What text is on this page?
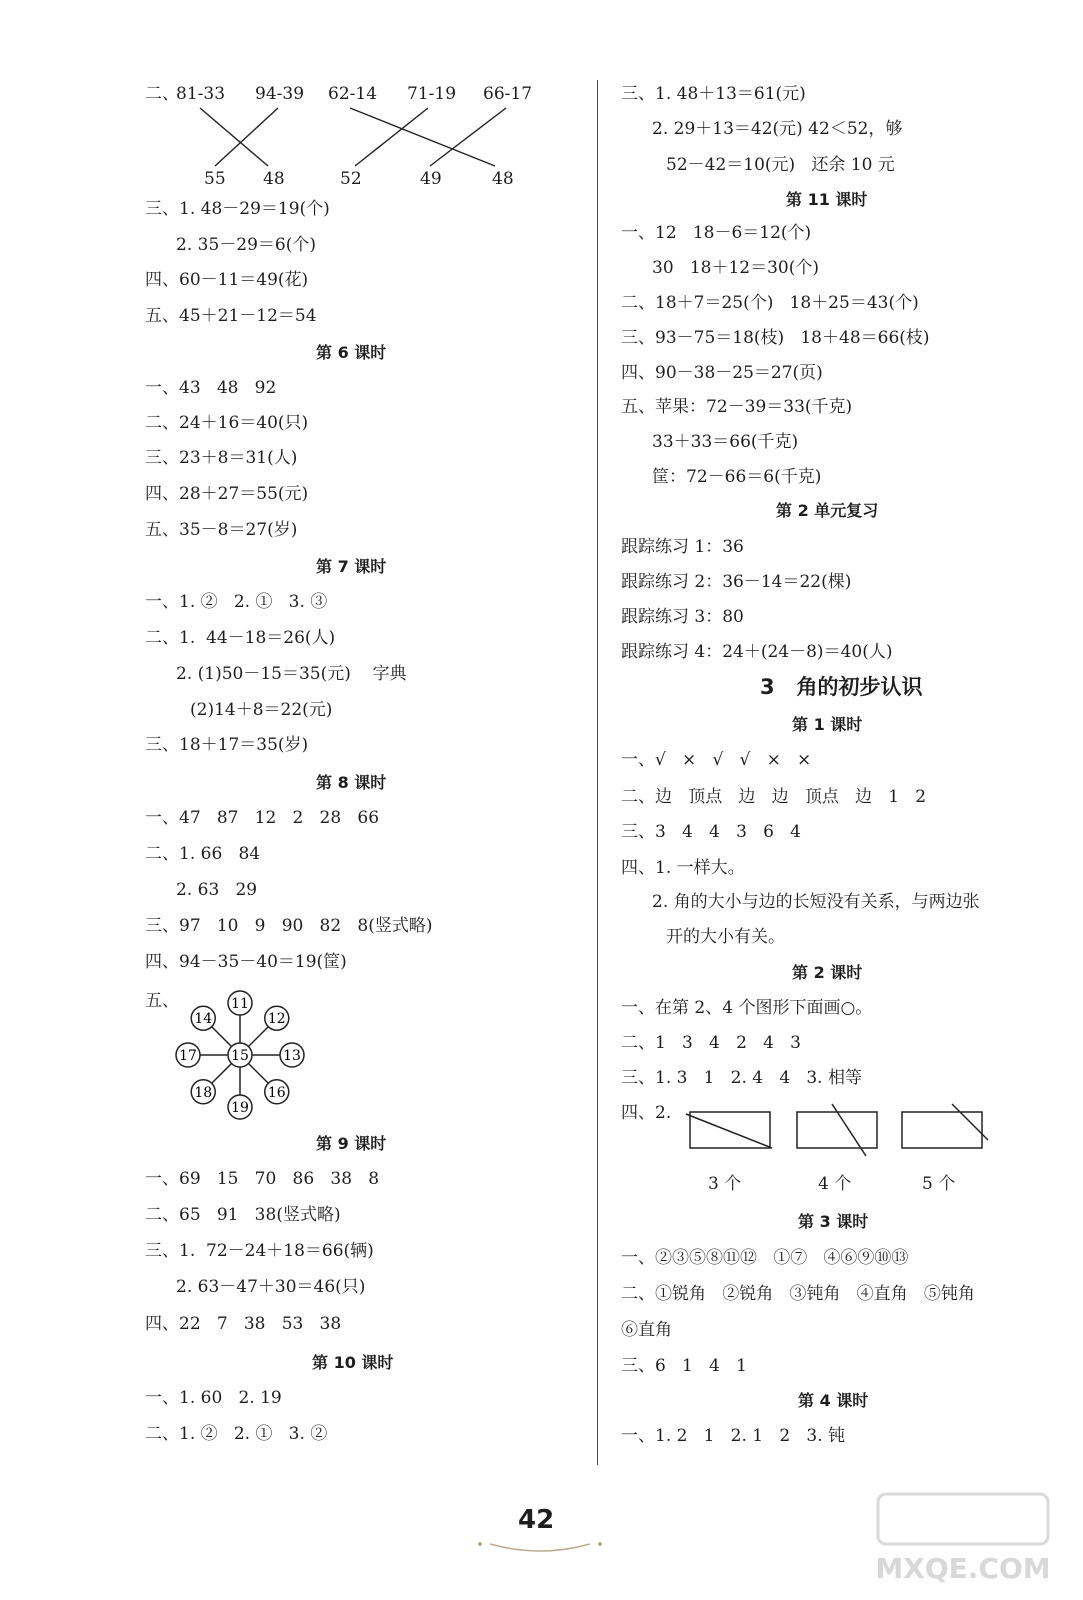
二、
81-33 94-39 62-14 71-19 66-17
55 48	52	49	48
三、1. 48－29＝19(个)
2. 35－29＝6(个)
四、60－11＝49(花)
五、45＋21－12＝54
第 6 课时
一、43   48   92
二、24＋16＝40(只)
三、23＋8＝31(人)
四、28＋27＝55(元)
五、35－8＝27(岁)
第 7 课时
一、1. ②   2. ①   3. ③
二、1.  44－18＝26(人)
2. (1)50－15＝35(元)    字典
(2)14＋8＝22(元)
三、18＋17＝35(岁)
第 8 课时
一、47   87   12   2   28   66
二、1. 66   84
2. 63   29
三、97   10   9   90   82   8(竖式略)
四、94－35－40＝19(筐)
五、	11
12
13
16
19
18
17
14
15
第 9 课时
一、69   15   70   86   38   8
二、65   91   38(竖式略)
三、1.  72－24＋18＝66(辆)
2. 63－47＋30＝46(只)
四、22   7   38   53   38
第 10 课时
一、1. 60   2. 19
二、1. ②   2. ①   3. ②
三、1. 48＋13＝61(元)
2. 29＋13＝42(元) 42＜52，够
52－42＝10(元)   还余 10 元
第 11 课时
一、12   18－6＝12(个)
30   18＋12＝30(个)
二、18＋7＝25(个)   18＋25＝43(个)
三、93－75＝18(枝)   18＋48＝66(枝)
四、90－38－25＝27(页)
五、苹果：72－39＝33(千克)
33＋33＝66(千克)
筐：72－66＝6(千克)
第 2 单元复习
跟踪练习 1：36
跟踪练习 2：36－14＝22(棵)
跟踪练习 3：80
跟踪练习 4：24＋(24－8)＝40(人)
3   角的初步认识
第 1 课时
一、√   ×   √   √   ×   ×
二、边   顶点   边   边   顶点   边   1   2
三、3   4   4   3   6   4
四、1. 一样大。
2. 角的大小与边的长短没有关系，与两边张
开的大小有关。
第 2 课时
一、在第 2、4 个图形下面画○。
二、1   3   4   2   4   3
三、1. 3   1   2. 4   4   3. 相等
四、2.
3 个	4 个	5 个
第 3 课时
一、②③⑤⑧⑪⑫   ①⑦   ④⑥⑨⑩⑬
二、①锐角   ②锐角   ③钝角   ④直角   ⑤钝角
⑥直角
三、6   1   4   1
第 4 课时
一、1. 2   1   2. 1   2   3. 钝
42
MXQE.COM
